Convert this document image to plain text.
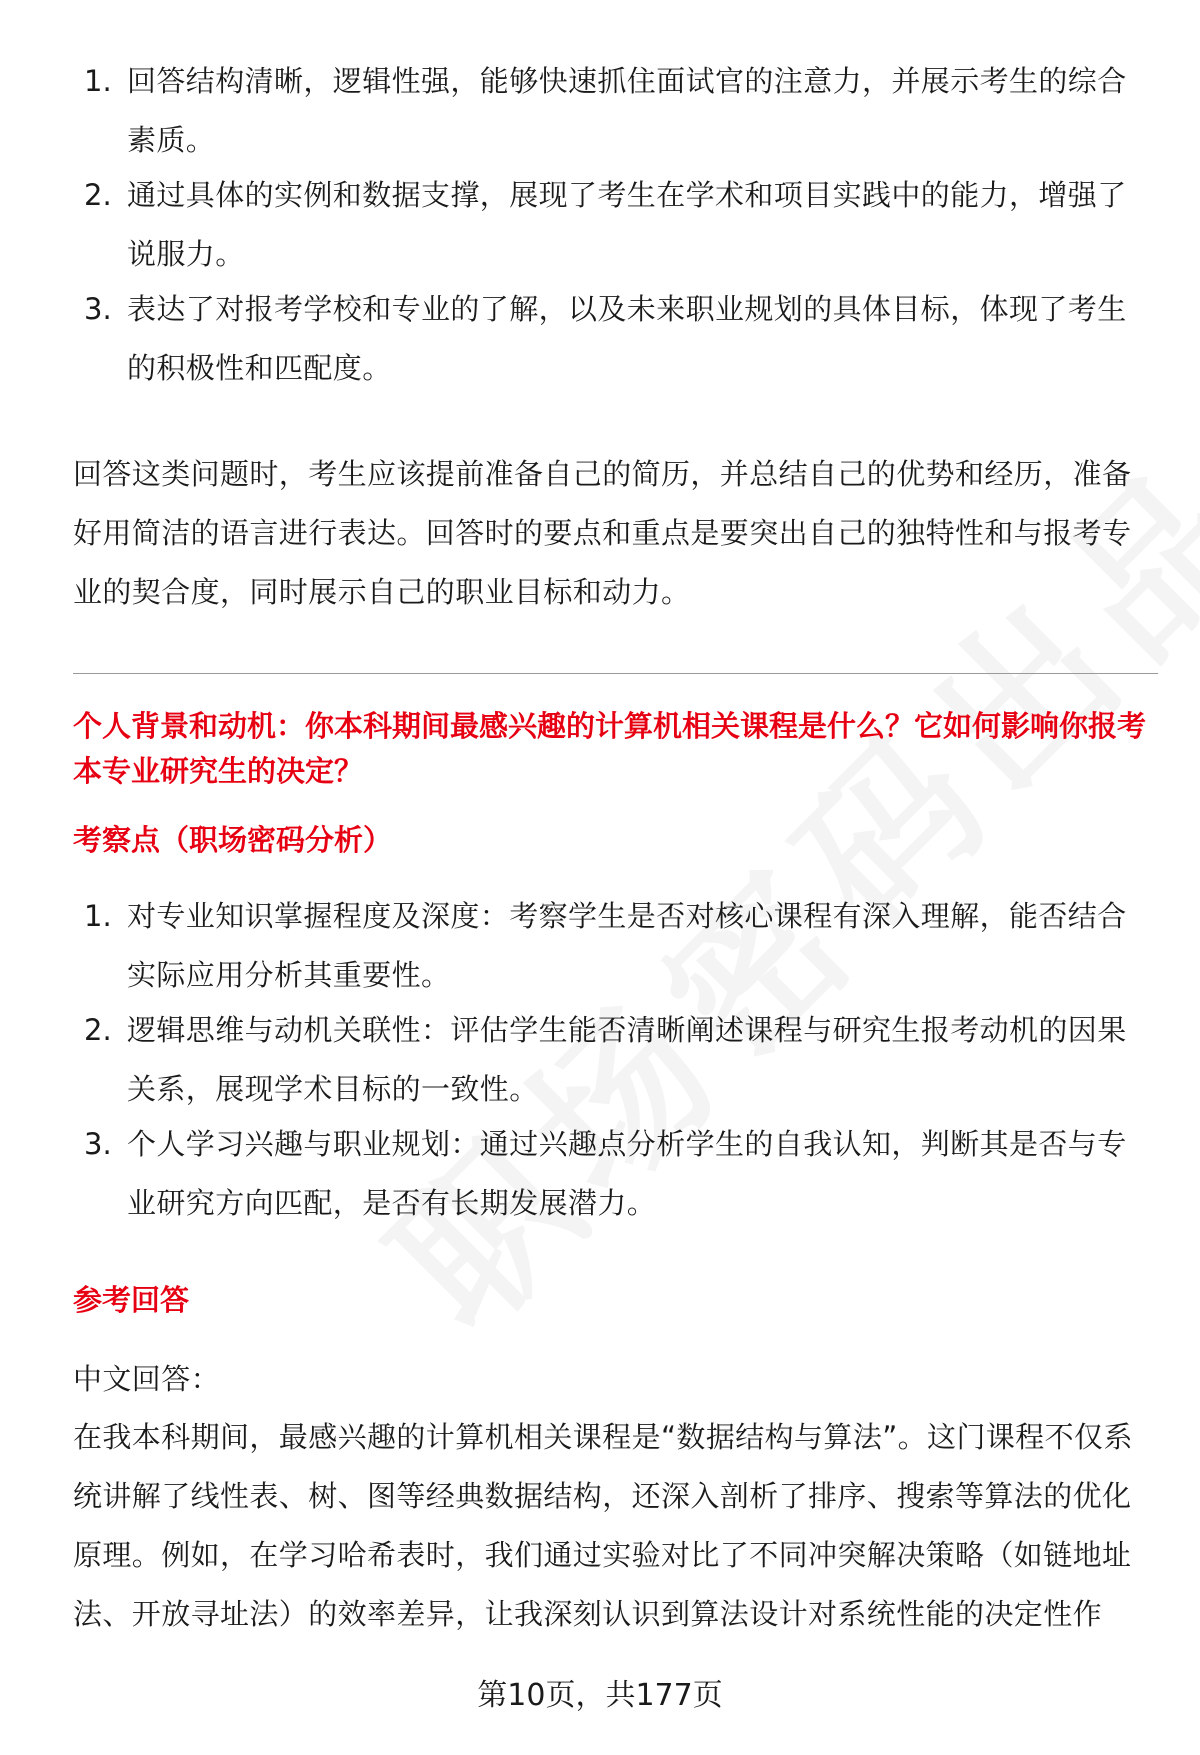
1. 回答结构清晰，逻辑性强，能够快速抓住面试官的注意力，并展示考生的综合素质。
2. 通过具体的实例和数据支撑，展现了考生在学术和项目实践中的能力，增强了说服力。
3. 表达了对报考学校和专业的了解，以及未来职业规划的具体目标，体现了考生的积极性和匹配度。

回答这类问题时，考生应该提前准备自己的简历，并总结自己的优势和经历，准备好用简洁的语言进行表达。回答时的要点和重点是要突出自己的独特性和与报考专业的契合度，同时展示自己的职业目标和动力。

个人背景和动机：你本科期间最感兴趣的计算机相关课程是什么？它如何影响你报考本专业研究生的决定？

考察点（职场密码分析）

1. 对专业知识掌握程度及深度：考察学生是否对核心课程有深入理解，能否结合实际应用分析其重要性。
2. 逻辑思维与动机关联性：评估学生能否清晰阐述课程与研究生报考动机的因果关系，展现学术目标的一致性。
3. 个人学习兴趣与职业规划：通过兴趣点分析学生的自我认知，判断其是否与专业研究方向匹配，是否有长期发展潜力。

参考回答

中文回答：

在我本科期间，最感兴趣的计算机相关课程是“数据结构与算法”。这门课程不仅系统讲解了线性表、树、图等经典数据结构，还深入剖析了排序、搜索等算法的优化原理。例如，在学习哈希表时，我们通过实验对比了不同冲突解决策略（如链地址法、开放寻址法）的效率差异，让我深刻认识到算法设计对系统性能的决定性作

第10页，共177页
